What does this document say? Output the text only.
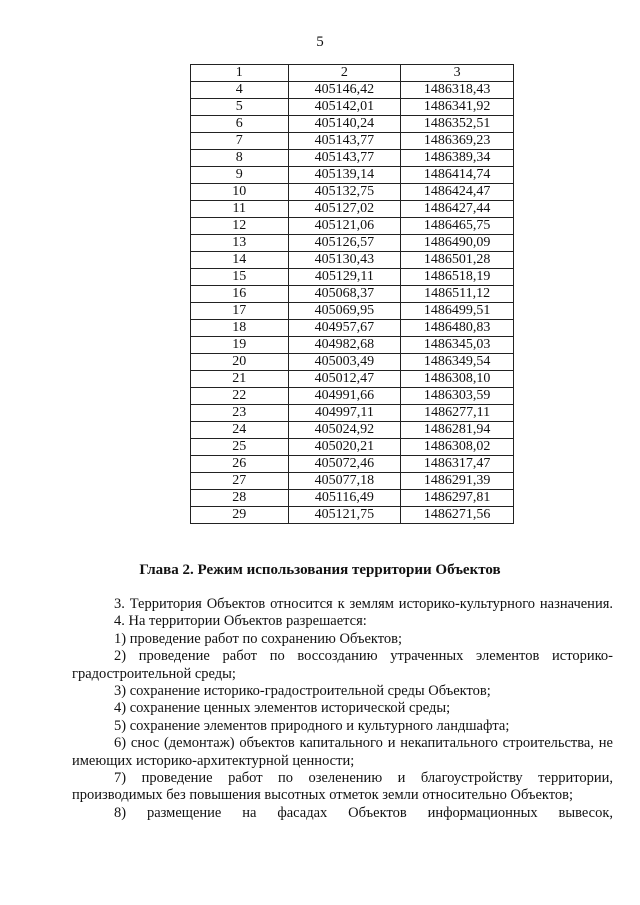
5
1	2	3
4	405146,42	1486318,43
5	405142,01	1486341,92
6	405140,24	1486352,51
7	405143,77	1486369,23
8	405143,77	1486389,34
9	405139,14	1486414,74
10	405132,75	1486424,47
11	405127,02	1486427,44
12	405121,06	1486465,75
13	405126,57	1486490,09
14	405130,43	1486501,28
15	405129,11	1486518,19
16	405068,37	1486511,12
17	405069,95	1486499,51
18	404957,67	1486480,83
19	404982,68	1486345,03
20	405003,49	1486349,54
21	405012,47	1486308,10
22	404991,66	1486303,59
23	404997,11	1486277,11
24	405024,92	1486281,94
25	405020,21	1486308,02
26	405072,46	1486317,47
27	405077,18	1486291,39
28	405116,49	1486297,81
29	405121,75	1486271,56
Глава 2. Режим использования территории Объектов

3. Территория Объектов относится к землям историко-культурного назначения.

4. На территории Объектов разрешается:

1) проведение работ по сохранению Объектов;

2) проведение работ по воссозданию утраченных элементов историко-градостроительной среды;

3) сохранение историко-градостроительной среды Объектов;

4) сохранение ценных элементов исторической среды;

5) сохранение элементов природного и культурного ландшафта;

6) снос (демонтаж) объектов капитального и некапитального строительства, не имеющих историко-архитектурной ценности;

7) проведение работ по озеленению и благоустройству территории, производимых без повышения высотных отметок земли относительно Объектов;

8) размещение на фасадах Объектов информационных вывесок,
